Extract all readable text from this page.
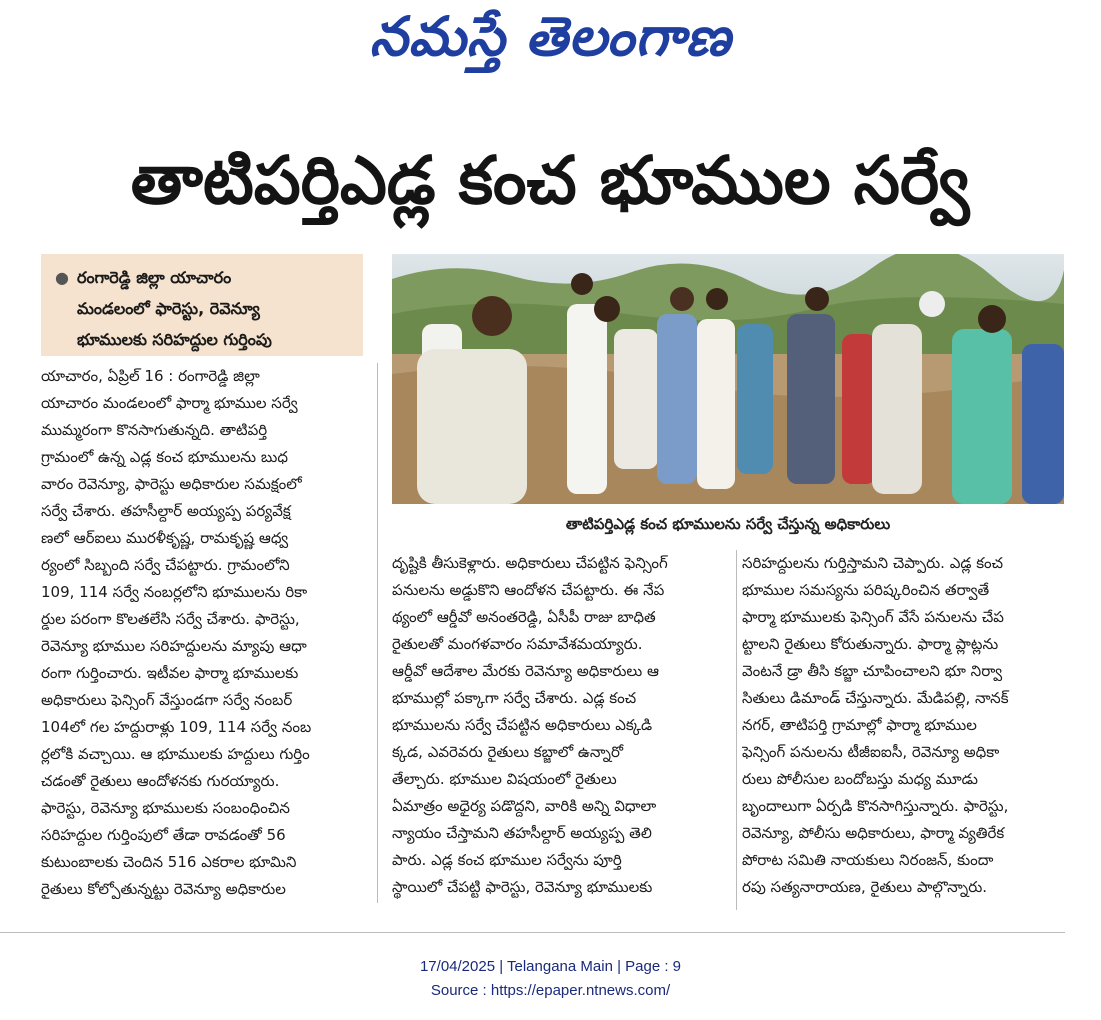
నమస్తే తెలంగాణ
తాటిపర్తిఎడ్ల కంచ భూముల సర్వే
● రంగారెడ్డి జిల్లా యాచారం
మండలంలో ఫారెస్టు, రెవెన్యూ
భూములకు సరిహద్దుల గుర్తింపు
యాచారం, ఏప్రిల్ 16 : రంగారెడ్డి జిల్లా
యాచారం మండలంలో ఫార్మా భూముల సర్వే
ముమ్మరంగా కొనసాగుతున్నది. తాటిపర్తి
గ్రామంలో ఉన్న ఎడ్ల కంచ భూములను బుధ
వారం రెవెన్యూ, ఫారెస్టు అధికారుల సమక్షంలో
సర్వే చేశారు. తహసీల్దార్ అయ్యప్ప పర్యవేక్ష
ణలో ఆర్ఐలు మురళీకృష్ణ, రామకృష్ణ ఆధ్వ
ర్యంలో సిబ్బంది సర్వే చేపట్టారు. గ్రామంలోని
109, 114 సర్వే నంబర్లలోని భూములను రికా
ర్డుల పరంగా కొలతలేసి సర్వే చేశారు. ఫారెస్టు,
రెవెన్యూ భూముల సరిహద్దులను మ్యాపు ఆధా
రంగా గుర్తించారు. ఇటీవల ఫార్మా భూములకు
అధికారులు ఫెన్సింగ్ వేస్తుండగా సర్వే నంబర్
104లో గల హద్దురాళ్లు 109, 114 సర్వే నంబ
ర్లలోకి వచ్చాయి. ఆ భూములకు హద్దులు గుర్తిం
చడంతో రైతులు ఆందోళనకు గురయ్యారు.
ఫారెస్టు, రెవెన్యూ భూములకు సంబంధించిన
సరిహద్దుల గుర్తింపులో తేడా రావడంతో 56
కుటుంబాలకు చెందిన 516 ఎకరాల భూమిని
రైతులు కోల్పోతున్నట్టు రెవెన్యూ అధికారుల
తాటిపర్తిఎడ్ల కంచ భూములను సర్వే చేస్తున్న అధికారులు
దృష్టికి తీసుకెళ్లారు. అధికారులు చేపట్టిన ఫెన్సింగ్
పనులను అడ్డుకొని ఆందోళన చేపట్టారు. ఈ నేప
థ్యంలో ఆర్డీవో అనంతరెడ్డి, ఏసీపీ రాజు బాధిత
రైతులతో మంగళవారం సమావేశమయ్యారు.
ఆర్డీవో ఆదేశాల మేరకు రెవెన్యూ అధికారులు ఆ
భూముల్లో పక్కాగా సర్వే చేశారు. ఎడ్ల కంచ
భూములను సర్వే చేపట్టిన అధికారులు ఎక్కడి
క్కడ, ఎవరెవరు రైతులు కబ్జాలో ఉన్నారో
తేల్చారు. భూముల విషయంలో రైతులు
ఏమాత్రం అధైర్య పడొద్దని, వారికి అన్ని విధాలా
న్యాయం చేస్తామని తహసీల్దార్ అయ్యప్ప తెలి
పారు. ఎడ్ల కంచ భూముల సర్వేను పూర్తి
స్థాయిలో చేపట్టి ఫారెస్టు, రెవెన్యూ భూములకు
సరిహద్దులను గుర్తిస్తామని చెప్పారు. ఎడ్ల కంచ
భూముల సమస్యను పరిష్కరించిన తర్వాతే
ఫార్మా భూములకు ఫెన్సింగ్ వేసే పనులను చేప
ట్టాలని రైతులు కోరుతున్నారు. ఫార్మా ప్లాట్లను
వెంటనే డ్రా తీసి కబ్జా చూపించాలని భూ నిర్వా
సితులు డిమాండ్ చేస్తున్నారు. మేడిపల్లి, నానక్
నగర్, తాటిపర్తి గ్రామాల్లో ఫార్మా భూముల
ఫెన్సింగ్ పనులను టీజీఐఐసీ, రెవెన్యూ అధికా
రులు పోలీసుల బందోబస్తు మధ్య మూడు
బృందాలుగా ఏర్పడి కొనసాగిస్తున్నారు. ఫారెస్టు,
రెవెన్యూ, పోలీసు అధికారులు, ఫార్మా వ్యతిరేక
పోరాట సమితి నాయకులు నిరంజన్, కుందా
రపు సత్యనారాయణ, రైతులు పాల్గొన్నారు.
17/04/2025 | Telangana Main | Page : 9
Source : https://epaper.ntnews.com/
